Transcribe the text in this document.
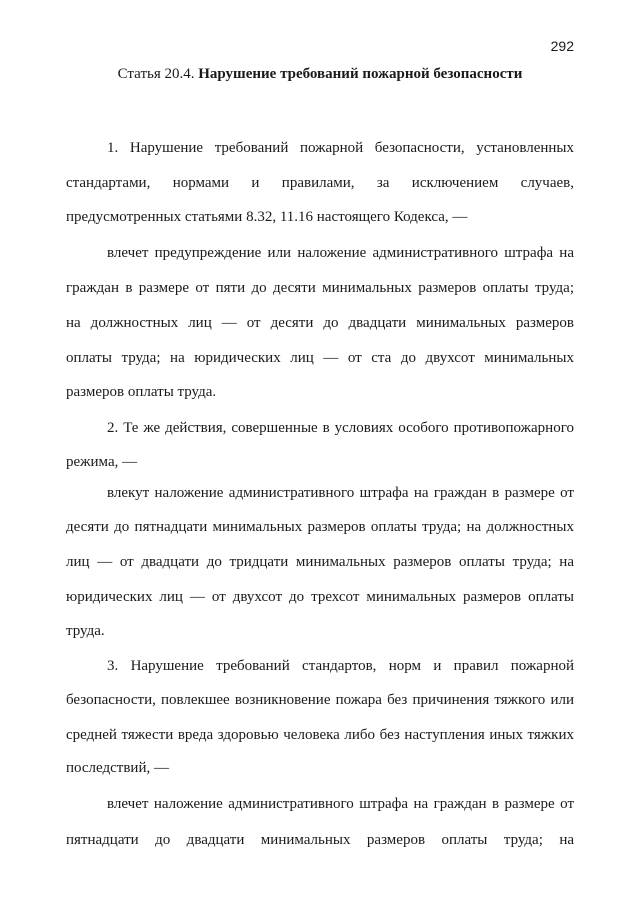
292
Статья 20.4. Нарушение требований пожарной безопасности
1. Нарушение требований пожарной безопасности, установленных
стандартами, нормами и правилами, за исключением случаев,
предусмотренных статьями 8.32, 11.16 настоящего Кодекса, —
влечет предупреждение или наложение административного штрафа на
граждан в размере от пяти до десяти минимальных размеров оплаты труда;
на должностных лиц — от десяти до двадцати минимальных размеров
оплаты труда; на юридических лиц — от ста до двухсот минимальных
размеров оплаты труда.
2. Те же действия, совершенные в условиях особого противопожарного
режима, —
влекут наложение административного штрафа на граждан в размере от
десяти до пятнадцати минимальных размеров оплаты труда; на должностных
лиц — от двадцати до тридцати минимальных размеров оплаты труда; на
юридических лиц — от двухсот до трехсот минимальных размеров оплаты
труда.
3. Нарушение требований стандартов, норм и правил пожарной
безопасности, повлекшее возникновение пожара без причинения тяжкого или
средней тяжести вреда здоровью человека либо без наступления иных тяжких
последствий, —
влечет наложение административного штрафа на граждан в размере от
пятнадцати до двадцати минимальных размеров оплаты труда; на
